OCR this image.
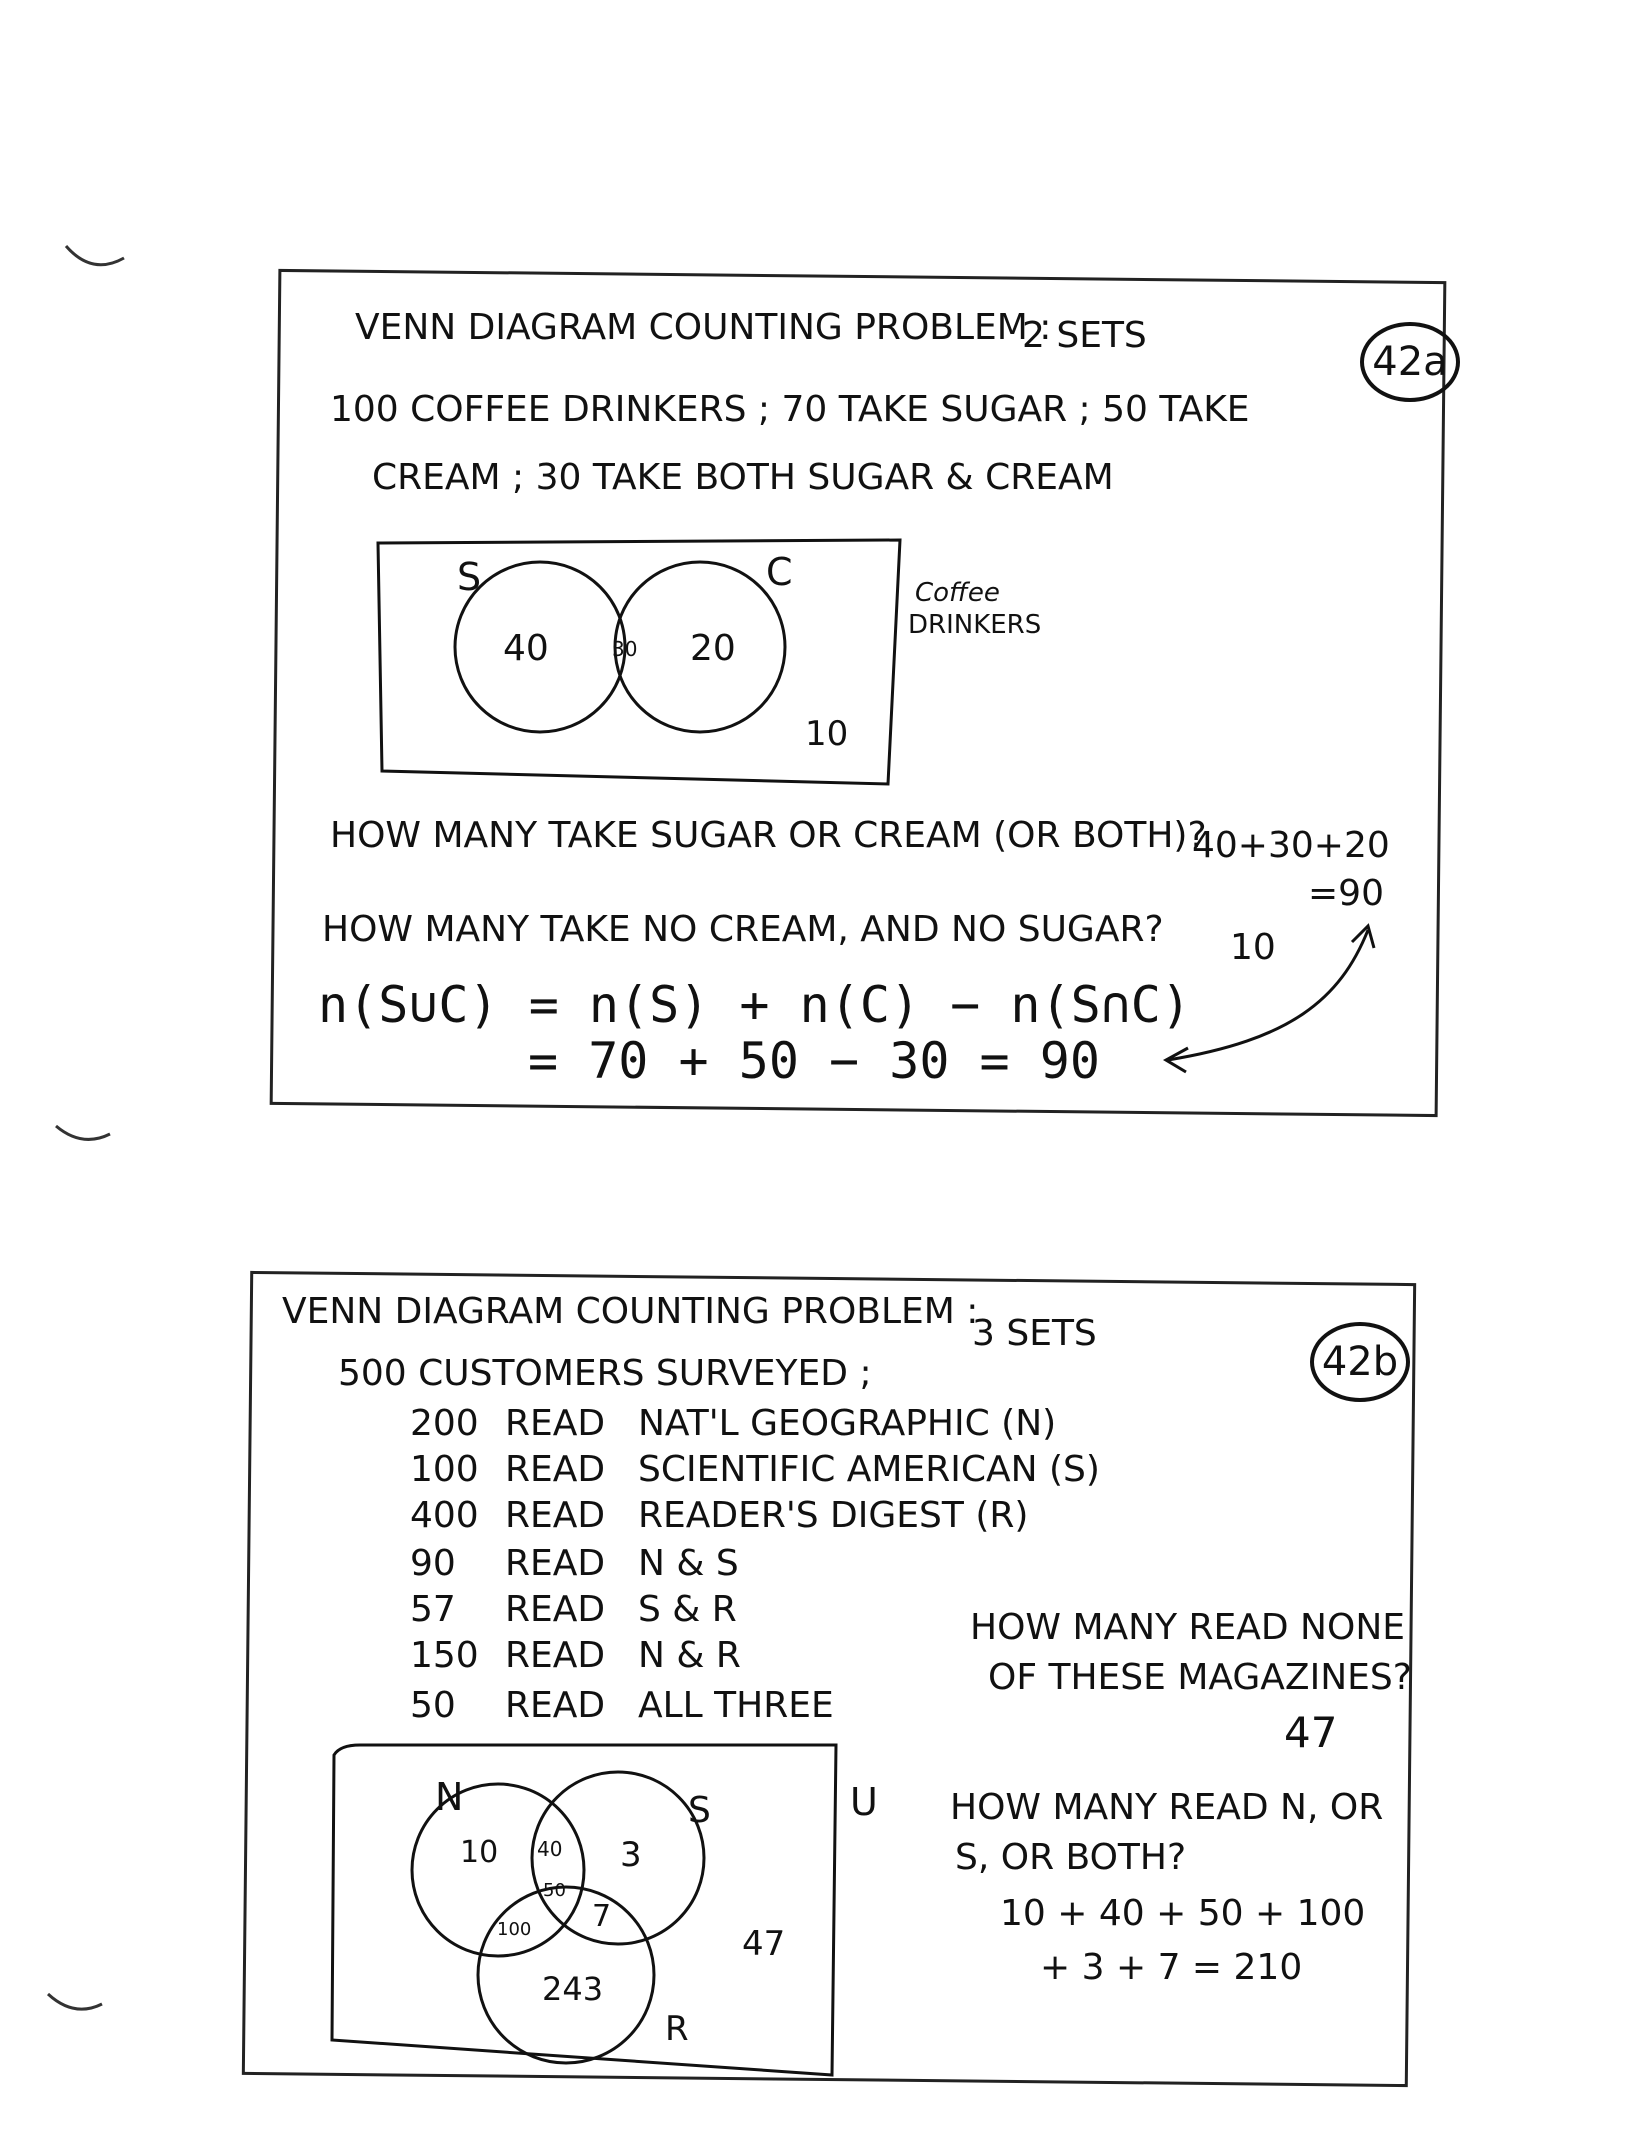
VENN DIAGRAM COUNTING PROBLEM :
2 SETS
42a
100 COFFEE DRINKERS ; 70 TAKE SUGAR ; 50 TAKE
CREAM ; 30 TAKE BOTH SUGAR & CREAM
S	C
40	30 20
10
Coffee
DRINKERS
HOW MANY TAKE SUGAR OR CREAM (OR BOTH)?
40+30+20
=90
HOW MANY TAKE NO CREAM, AND NO SUGAR? 10
n(S∪C) = n(S) + n(C) − n(S∩C)
= 70 + 50 − 30 = 90
VENN DIAGRAM COUNTING PROBLEM :
3 SETS
42b
500 CUSTOMERS SURVEYED ;
200 READ NAT'L GEOGRAPHIC (N)
100 READ SCIENTIFIC AMERICAN (S)
400 READ READER'S DIGEST (R)
90 READ N & S
57 READ S & R
150 READ N & R
50 READ ALL THREE
N	S
R
U
10 40 3
50
100 7
243
47
HOW MANY READ NONE
OF THESE MAGAZINES?
47
HOW MANY READ N, OR
S, OR BOTH?
10 + 40 + 50 + 100
+ 3 + 7 = 210
